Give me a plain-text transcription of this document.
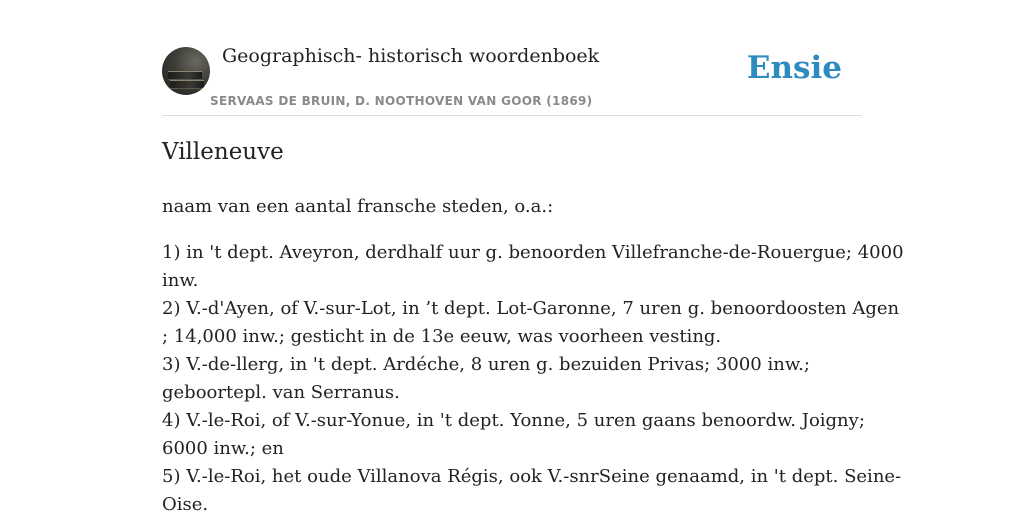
Geographisch- historisch woordenboek
SERVAAS DE BRUIN, D. NOOTHOVEN VAN GOOR (1869)
Ensie
Villeneuve
naam van een aantal fransche steden, o.a.:
1) in 't dept. Aveyron, derdhalf uur g. benoorden Villefranche-de-Rouergue; 4000
inw.
2) V.-d'Ayen, of V.-sur-Lot, in ’t dept. Lot-Garonne, 7 uren g. benoordoosten Agen
; 14,000 inw.; gesticht in de 13e eeuw, was voorheen vesting.
3) V.-de-llerg, in 't dept. Ardéche, 8 uren g. bezuiden Privas; 3000 inw.;
geboortepl. van Serranus.
4) V.-le-Roi, of V.-sur-Yonue, in 't dept. Yonne, 5 uren gaans benoordw. Joigny;
6000 inw.; en
5) V.-le-Roi, het oude Villanova Régis, ook V.-snrSeine genaamd, in 't dept. Seine-
Oise.
